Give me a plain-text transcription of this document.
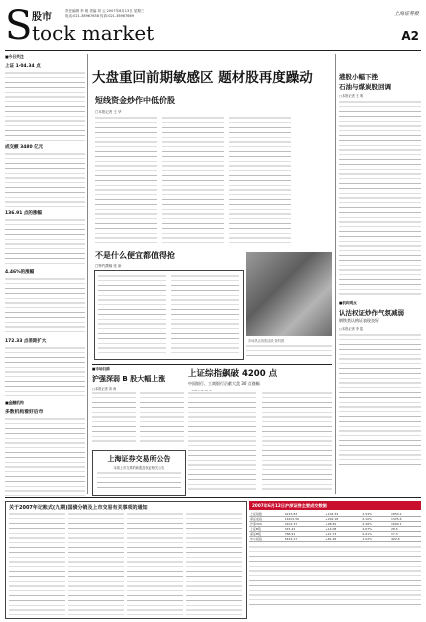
S 股市
责任编辑 李 明 美编 刘 云 2007年6月13日 星期三
电话:021-38967658 传真:021-38967669
tock market
上海证券报
A2
■今日关注
上证 1·04.34 点
成交额 3480 亿元
136.91 点的涨幅
4.46%的涨幅
172.33 点差距扩大
■金融机构
多数机构看好后市
大盘重回前期敏感区 题材股再度躁动
短线资金炒作中低价股
□本报记者 王 华
不是什么便宜都值得抢
□特约撰稿 张 新
市场热点再度活跃 资料图
港股小幅下挫
石油与煤炭股回调
□本报记者 王 明
■机构观点
认沽权证炒作气氛减弱
钢铁类认购证表现良好
□本报记者 李 铭
■市场扫描
沪强深弱 B 股大幅上涨
□本报记者 刘 涛
上证综指飙破 4200 点
中国银行、工商银行贡献大盘 30 点涨幅
上海证券交易所公告
本周上市交易的新股及权证相关公告
关于2007年记账式(九期)国债分销及上市交易有关事项的通知	2007年6月12日沪深证券主要成交数据
上证指数	4215.83	+104.34	2.54%	1854.2
深证成指	14201.56	+292.18	2.10%	1325.6
沪深300	4102.37	+98.45	2.46%	1690.1
上证B股	315.42	+14.08	4.67%	28.5
深证B股	768.91	+21.73	2.91%	17.3
中小板指	5432.17	+81.26	1.52%	402.8
